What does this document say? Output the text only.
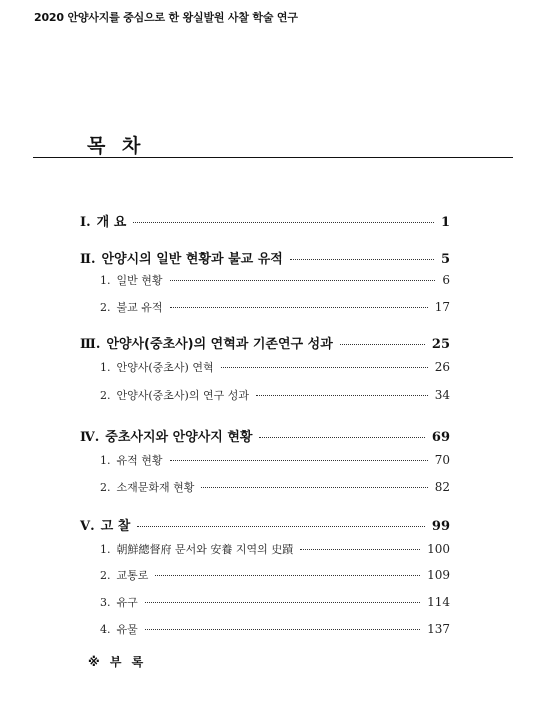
2020 안양사지를 중심으로 한 왕실발원 사찰 학술 연구
목 차
Ⅰ. 개 요	1
Ⅱ. 안양시의 일반 현황과 불교 유적	5
1. 일반 현황	6
2. 불교 유적	17
Ⅲ. 안양사(중초사)의 연혁과 기존연구 성과	25
1. 안양사(중초사) 연혁	26
2. 안양사(중초사)의 연구 성과	34
Ⅳ. 중초사지와 안양사지 현황	69
1. 유적 현황	70
2. 소재문화재 현황	82
Ⅴ. 고 찰	99
1. 朝鮮總督府 문서와 安養 지역의 史蹟	100
2. 교통로	109
3. 유구	114
4. 유물	137
※ 부 록
